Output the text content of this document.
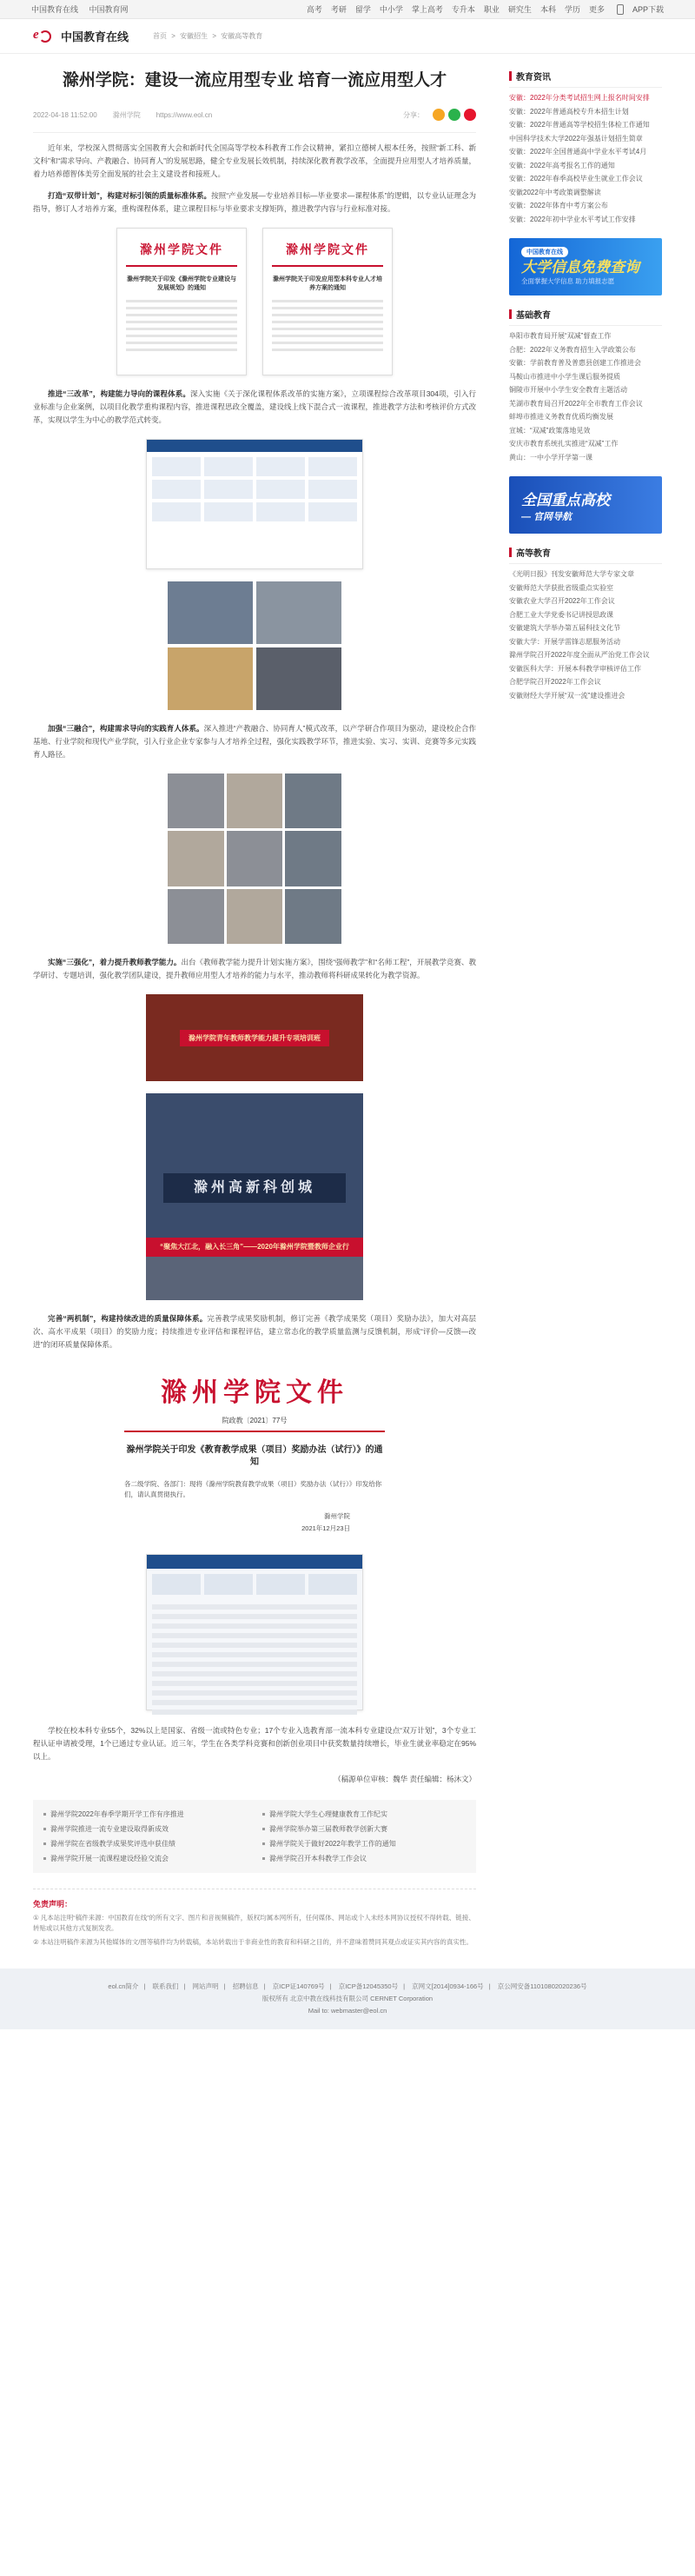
中国教育在线 中国教育网	高考 考研 留学 中小学 掌上高考 专升本 职业 研究生 本科 学历 更多	APP下载
e 中国教育在线	首页 > 安徽招生 > 安徽高等教育
滁州学院：建设一流应用型专业 培育一流应用型人才
2022-04-18 11:52:00 滁州学院 https://www.eol.cn	分享：

近年来，学校深入贯彻落实全国教育大会和新时代全国高等学校本科教育工作会议精神，紧扣立德树人根本任务，按照“新工科、新文科”和“需求导向、产教融合、协同育人”的发展思路，健全专业发展长效机制，持续深化教育教学改革，全面提升应用型人才培养质量，着力培养德智体美劳全面发展的社会主义建设者和接班人。

打造“双带计划”，构建对标引领的质量标准体系。按照“产业发展—专业培养目标—毕业要求—课程体系”的逻辑，以专业认证理念为指导，修订人才培养方案，重构课程体系，建立课程目标与毕业要求支撑矩阵，推进教学内容与行业标准对接。

滁州学院文件
滁州学院关于印发《滁州学院专业建设与发展规划》的通知
滁州学院文件
滁州学院关于印发应用型本科专业人才培养方案的通知

推进“三改革”，构建能力导向的课程体系。深入实施《关于深化课程体系改革的实施方案》，立项课程综合改革项目304项，引入行业标准与企业案例，以项目化教学重构课程内容，推进课程思政全覆盖，建设线上线下混合式一流课程，推进教学方法和考核评价方式改革，实现以学生为中心的教学范式转变。

加强“三融合”，构建需求导向的实践育人体系。深入推进“产教融合、协同育人”模式改革，以产学研合作项目为驱动，建设校企合作基地、行业学院和现代产业学院，引入行业企业专家参与人才培养全过程，强化实践教学环节，推进实验、实习、实训、竞赛等多元实践育人路径。

实施“三强化”，着力提升教师教学能力。出台《教师教学能力提升计划实施方案》，围绕“强师教学”和“名师工程”，开展教学竞赛、教学研讨、专题培训，强化教学团队建设，提升教师应用型人才培养的能力与水平，推动教师将科研成果转化为教学资源。

滁州学院青年教师教学能力提升专项培训班
滁州高新科创城
“聚焦大江北，融入长三角”——2020年滁州学院暨教师企业行

完善“两机制”，构建持续改进的质量保障体系。完善教学成果奖励机制，修订完善《教学成果奖（项目）奖励办法》，加大对高层次、高水平成果（项目）的奖励力度；持续推进专业评估和课程评估，建立常态化的教学质量监测与反馈机制，形成“评价—反馈—改进”的闭环质量保障体系。

滁州学院文件
院政教〔2021〕77号
滁州学院关于印发《教育教学成果（项目）奖励办法（试行）》的通知
各二级学院、各部门：现将《滁州学院教育教学成果（项目）奖励办法（试行）》印发给你们，请认真贯彻执行。
滁州学院
2021年12月23日

学校在校本科专业55个，32%以上是国家、省级一流或特色专业；17个专业入选教育部一流本科专业建设点“双万计划”，3个专业工程认证申请被受理，1个已通过专业认证。近三年，学生在各类学科竞赛和创新创业项目中获奖数量持续增长，毕业生就业率稳定在95%以上。

（稿源单位审核：魏华 责任编辑：杨沐文）
滁州学院2022年春季学期开学工作有序推进	滁州学院大学生心理健康教育工作纪实
滁州学院推进一流专业建设取得新成效	滁州学院举办第三届教师教学创新大赛
滁州学院在省级教学成果奖评选中获佳绩	滁州学院关于做好2022年教学工作的通知
滁州学院开展一流课程建设经验交流会	滁州学院召开本科教学工作会议
免责声明：

① 凡本站注明“稿件来源：中国教育在线”的所有文字、图片和音视频稿件，版权均属本网所有，任何媒体、网站或个人未经本网协议授权不得转载、链接、转贴或以其他方式复制发表。

② 本站注明稿件来源为其他媒体的文/图等稿件均为转载稿，本站转载出于非商业性的教育和科研之目的，并不意味着赞同其观点或证实其内容的真实性。

教育资讯
安徽：2022年分类考试招生网上报名时间安排
安徽：2022年普通高校专升本招生计划
安徽：2022年普通高等学校招生体检工作通知
中国科学技术大学2022年强基计划招生简章
安徽：2022年全国普通高中学业水平考试4月
安徽：2022年高考报名工作的通知
安徽：2022年春季高校毕业生就业工作会议
安徽2022年中考政策调整解读
安徽：2022年体育中考方案公布
安徽：2022年初中学业水平考试工作安排
中国教育在线
大学信息免费查询
全面掌握大学信息 助力填报志愿
基础教育
阜阳市教育局开展“双减”督查工作
合肥：2022年义务教育招生入学政策公布
安徽：学前教育普及普惠县创建工作推进会
马鞍山市推进中小学生课后服务提质
铜陵市开展中小学生安全教育主题活动
芜湖市教育局召开2022年全市教育工作会议
蚌埠市推进义务教育优质均衡发展
宣城：“双减”政策落地见效
安庆市教育系统扎实推进“双减”工作
黄山：一中小学开学第一课
全国重点高校
— 官网导航
高等教育
《光明日报》刊发安徽师范大学专家文章
安徽师范大学获批省级重点实验室
安徽农业大学召开2022年工作会议
合肥工业大学党委书记讲授思政课
安徽建筑大学举办第五届科技文化节
安徽大学：开展学雷锋志愿服务活动
滁州学院召开2022年度全面从严治党工作会议
安徽医科大学：开展本科教学审核评估工作
合肥学院召开2022年工作会议
安徽财经大学开展“双一流”建设推进会
eol.cn简介 | 联系我们 | 网站声明 | 招聘信息 | 京ICP证140769号 | 京ICP备12045350号 | 京网文[2014]0934-166号 | 京公网安备11010802020236号
版权所有 北京中教在线科技有限公司 CERNET Corporation
Mail to: webmaster@eol.cn
